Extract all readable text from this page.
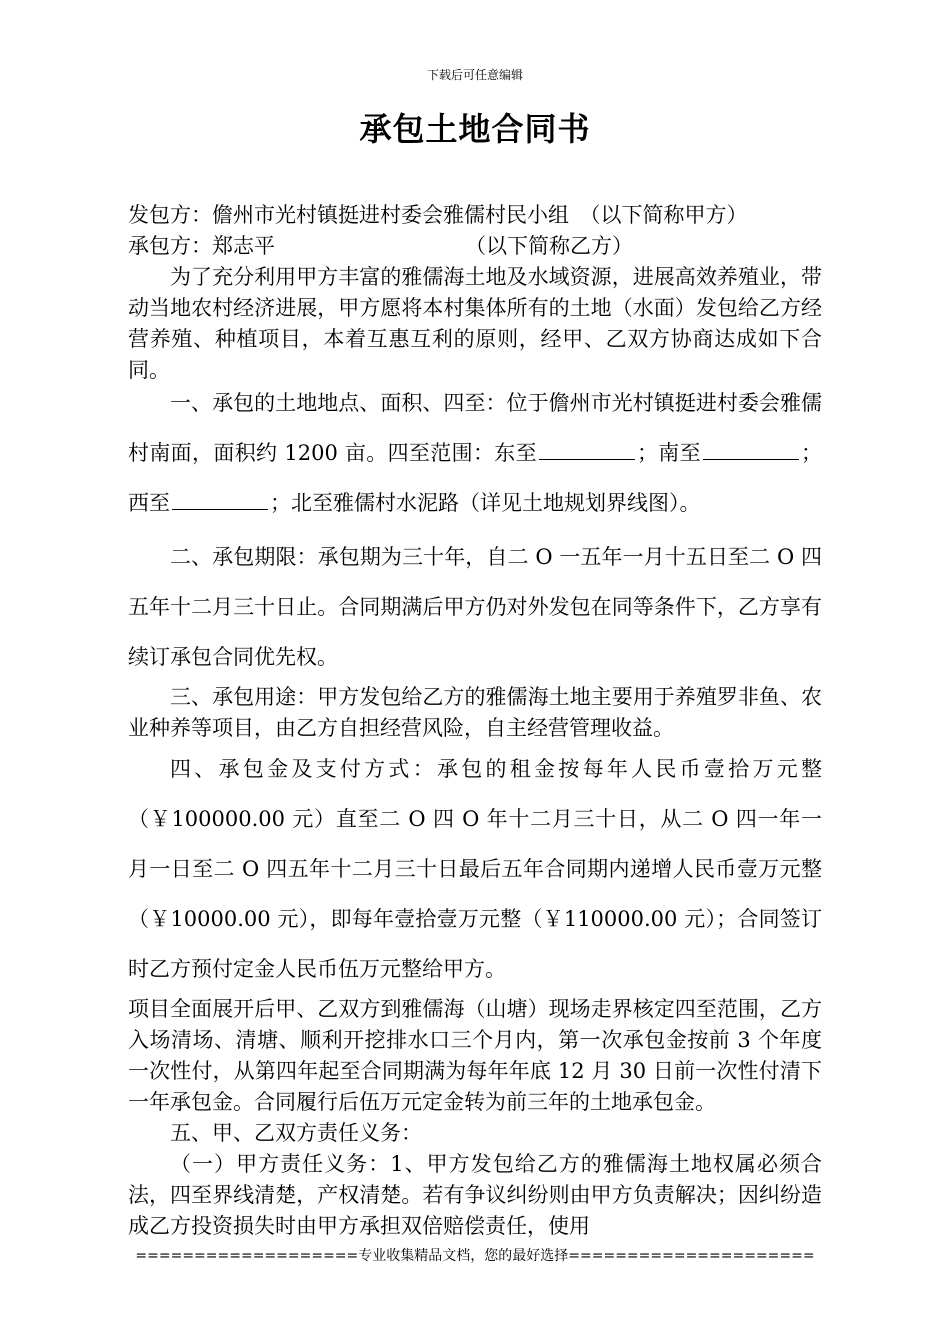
下载后可任意编辑
承包土地合同书

发包方：儋州市光村镇挺进村委会雅儒村民小组　（以下简称甲方）

承包方：郑志平	（以下简称乙方）

为了充分利用甲方丰富的雅儒海土地及水域资源，进展高效养殖业，带动当地农村经济进展，甲方愿将本村集体所有的土地（水面）发包给乙方经营养殖、种植项目，本着互惠互利的原则，经甲、乙双方协商达成如下合同。

一、承包的土地地点、面积、四至：位于儋州市光村镇挺进村委会雅儒村南面，面积约 1200 亩。四至范围：东至	；南至	；西至	；北至雅儒村水泥路（详见土地规划界线图）。

二、承包期限：承包期为三十年，自二 O 一五年一月十五日至二 O 四五年十二月三十日止。合同期满后甲方仍对外发包在同等条件下，乙方享有续订承包合同优先权。

三、承包用途：甲方发包给乙方的雅儒海土地主要用于养殖罗非鱼、农业种养等项目，由乙方自担经营风险，自主经营管理收益。

四、承包金及支付方式：承包的租金按每年人民币壹拾万元整（￥100000.00 元）直至二 O 四 O 年十二月三十日，从二 O 四一年一月一日至二 O 四五年十二月三十日最后五年合同期内递增人民币壹万元整（￥10000.00 元），即每年壹拾壹万元整（￥110000.00 元）；合同签订时乙方预付定金人民币伍万元整给甲方。

项目全面展开后甲、乙双方到雅儒海（山塘）现场走界核定四至范围，乙方入场清场、清塘、顺利开挖排水口三个月内，第一次承包金按前 3 个年度一次性付，从第四年起至合同期满为每年年底 12 月 30 日前一次性付清下一年承包金。合同履行后伍万元定金转为前三年的土地承包金。

五、甲、乙双方责任义务：

（一）甲方责任义务：1、甲方发包给乙方的雅儒海土地权属必须合法，四至界线清楚，产权清楚。若有争议纠纷则由甲方负责解决；因纠纷造成乙方投资损失时由甲方承担双倍赔偿责任，使用

===================专业收集精品文档，您的最好选择=====================
